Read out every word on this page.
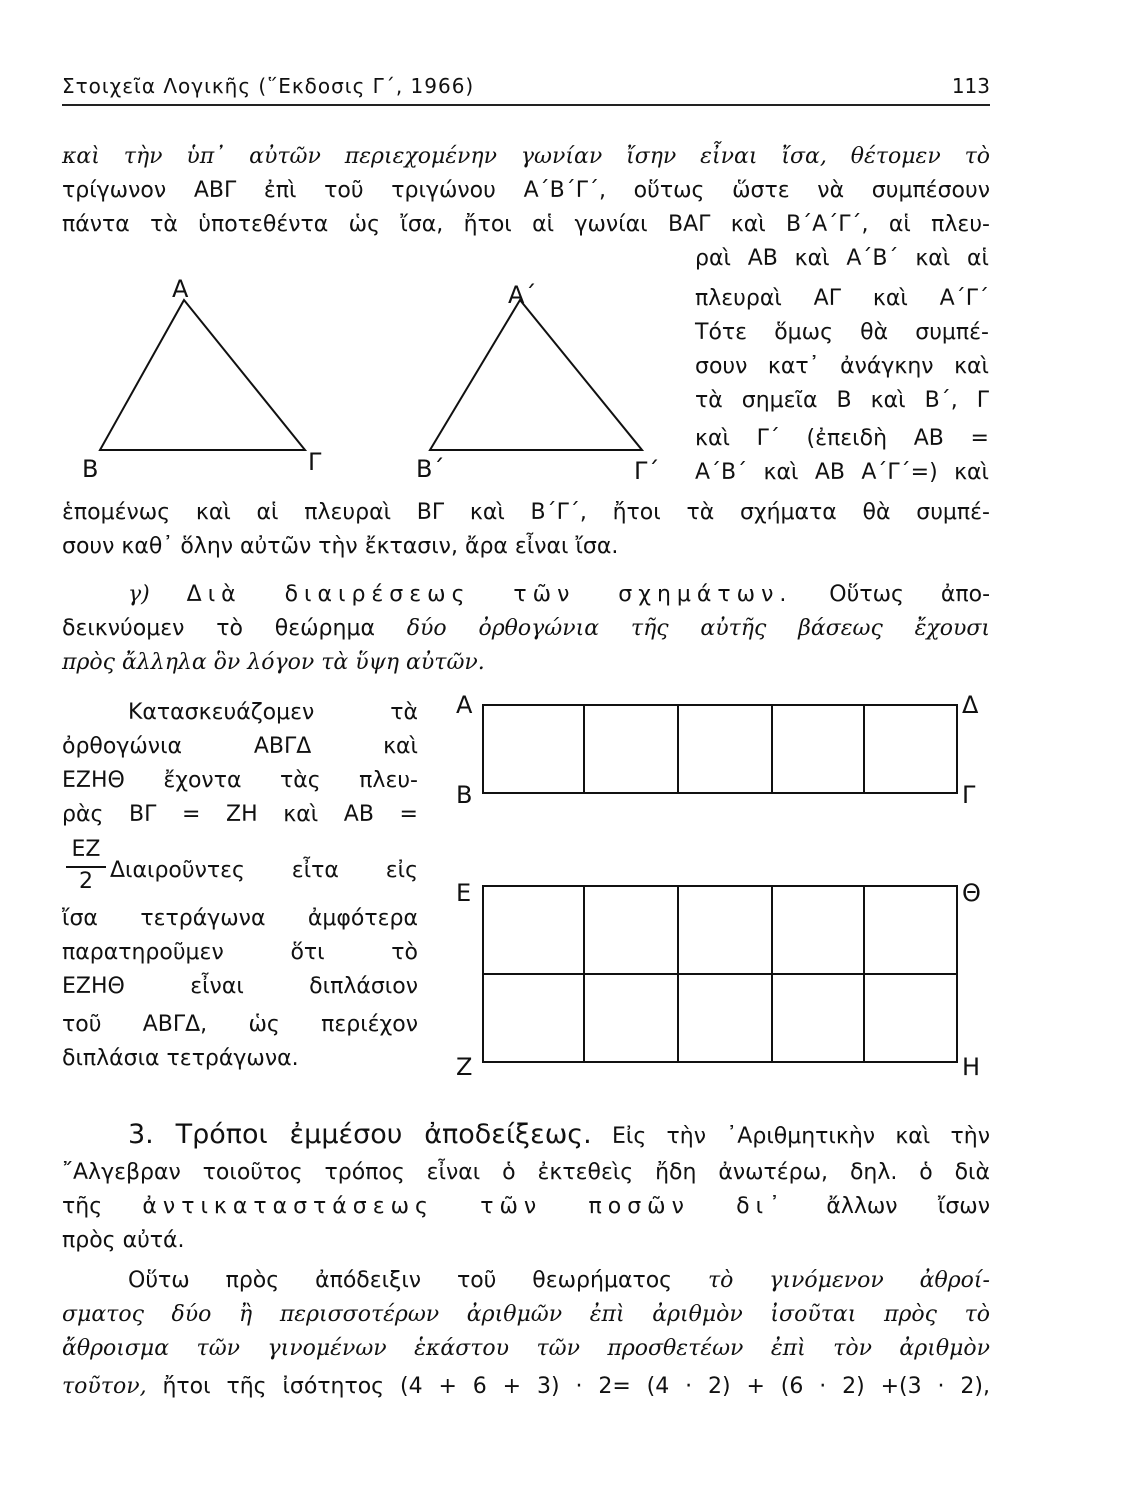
Στοιχεῖα Λογικῆς (῞Εκδοσις Γ΄, 1966)	113
καὶ τὴν ὑπ᾿ αὐτῶν περιεχομένην γωνίαν ἴσην εἶναι ἴσα, θέτομεν τὸ
τρίγωνον ΑΒΓ ἐπὶ τοῦ τριγώνου Α΄Β΄Γ΄, οὕτως ὥστε νὰ συμπέσουν
πάντα τὰ ὑποτεθέντα ὡς ἴσα, ἤτοι αἱ γωνίαι ΒΑΓ καὶ Β΄Α΄Γ΄, αἱ πλευ-
Α
Β	Γ
Α΄
Β΄	Γ΄
ραὶ ΑΒ καὶ Α΄Β΄ καὶ αἱ
πλευραὶ ΑΓ καὶ Α΄Γ΄
Τότε ὅμως θὰ συμπέ-
σουν κατ᾿ ἀνάγκην καὶ
τὰ σημεῖα Β καὶ Β΄, Γ
καὶ Γ΄ (ἐπειδὴ ΑΒ =
Α΄Β΄ καὶ ΑΒ Α΄Γ΄=) καὶ
ἑπομένως καὶ αἱ πλευραὶ ΒΓ καὶ Β΄Γ΄, ἤτοι τὰ σχήματα θὰ συμπέ-
σουν καθ᾿ ὅλην αὐτῶν τὴν ἔκτασιν, ἄρα εἶναι ἴσα.
γ) Διὰ διαιρέσεως τῶν σχημάτων. Οὕτως ἀπο-
δεικνύομεν τὸ θεώρημα δύο ὀρθογώνια τῆς αὐτῆς βάσεως ἔχουσι
πρὸς ἄλληλα ὃν λόγον τὰ ὕψη αὐτῶν.
Κατασκευάζομεν τὰ
ὀρθογώνια ΑΒΓΔ καὶ
ΕΖΗΘ ἔχοντα τὰς πλευ-
ρὰς ΒΓ = ΖΗ καὶ ΑΒ =
ΕΖ
2 Διαιροῦντες εἶτα εἰς
ἴσα τετράγωνα ἀμφότερα
παρατηροῦμεν ὅτι τὸ
ΕΖΗΘ εἶναι διπλάσιον
τοῦ ΑΒΓΔ, ὡς περιέχον
διπλάσια τετράγωνα.
Α	Δ
Β	Γ
Ε	Θ
Ζ	Η
3. Τρόποι ἐμμέσου ἀποδείξεως. Εἰς τὴν ᾿Αριθμητικὴν καὶ τὴν
῎Αλγεβραν τοιοῦτος τρόπος εἶναι ὁ ἐκτεθεὶς ἤδη ἀνωτέρω, δηλ. ὁ διὰ
τῆς ἀντικαταστάσεως τῶν ποσῶν δι᾿ ἄλλων ἴσων
πρὸς αὐτά.
Οὕτω πρὸς ἀπόδειξιν τοῦ θεωρήματος τὸ γινόμενον ἀθροί-
σματος δύο ἢ περισσοτέρων ἀριθμῶν ἐπὶ ἀριθμὸν ἰσοῦται πρὸς τὸ
ἄθροισμα τῶν γινομένων ἑκάστου τῶν προσθετέων ἐπὶ τὸν ἀριθμὸν
τοῦτον, ἤτοι τῆς ἰσότητος (4 + 6 + 3) · 2= (4 · 2) + (6 · 2) +(3 · 2),
